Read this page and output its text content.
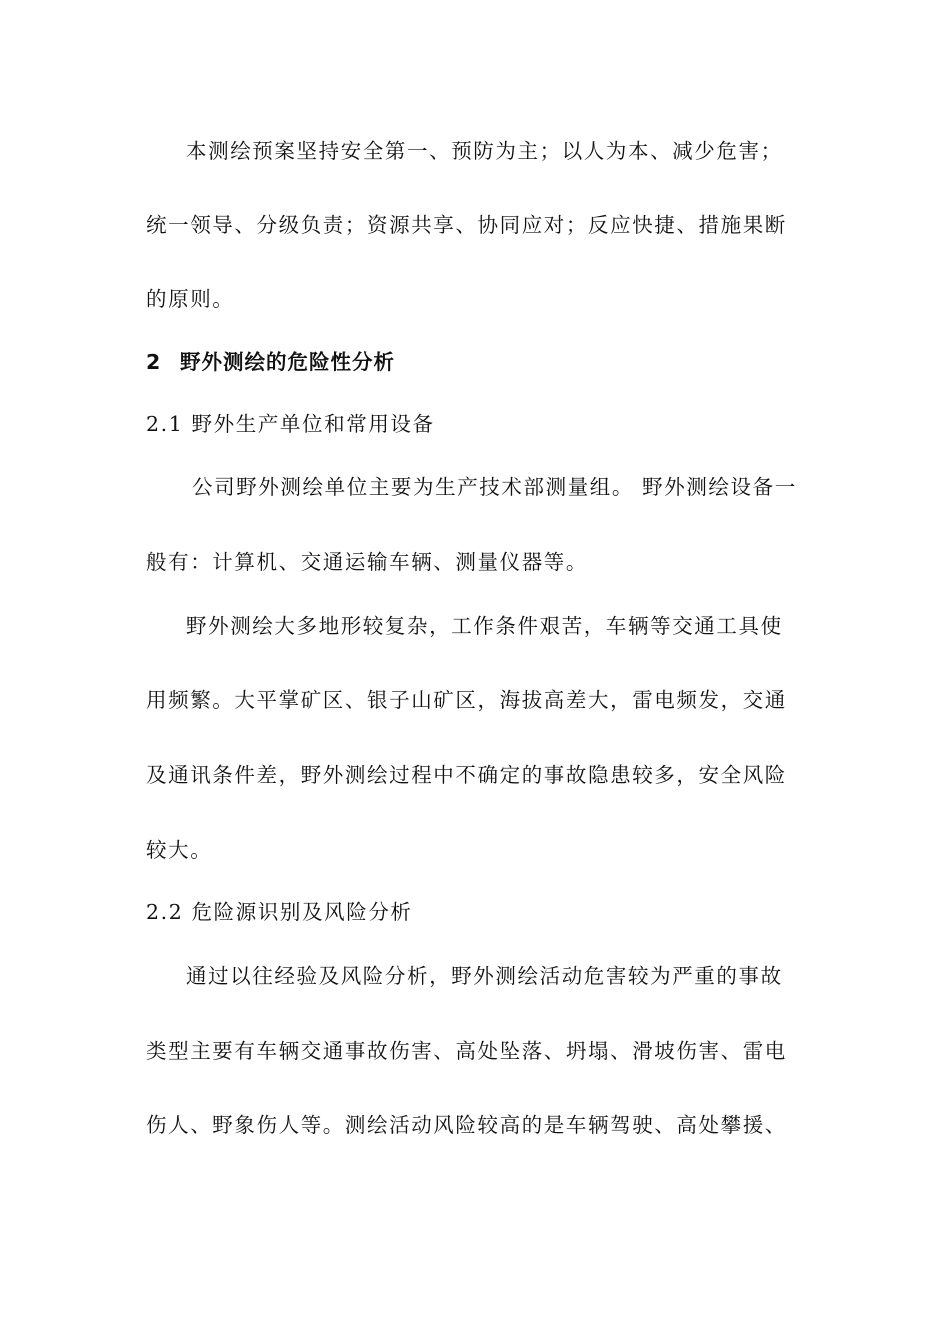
本测绘预案坚持安全第一、预防为主；以人为本、减少危害；
统一领导、分级负责；资源共享、协同应对；反应快捷、措施果断
的原则。
2 野外测绘的危险性分析
2.1 野外生产单位和常用设备
公司野外测绘单位主要为生产技术部测量组。 野外测绘设备一
般有：计算机、交通运输车辆、测量仪器等。
野外测绘大多地形较复杂，工作条件艰苦，车辆等交通工具使
用频繁。大平掌矿区、银子山矿区，海拔高差大，雷电频发，交通
及通讯条件差，野外测绘过程中不确定的事故隐患较多，安全风险
较大。
2.2 危险源识别及风险分析
通过以往经验及风险分析，野外测绘活动危害较为严重的事故
类型主要有车辆交通事故伤害、高处坠落、坍塌、滑坡伤害、雷电
伤人、野象伤人等。测绘活动风险较高的是车辆驾驶、高处攀援、
